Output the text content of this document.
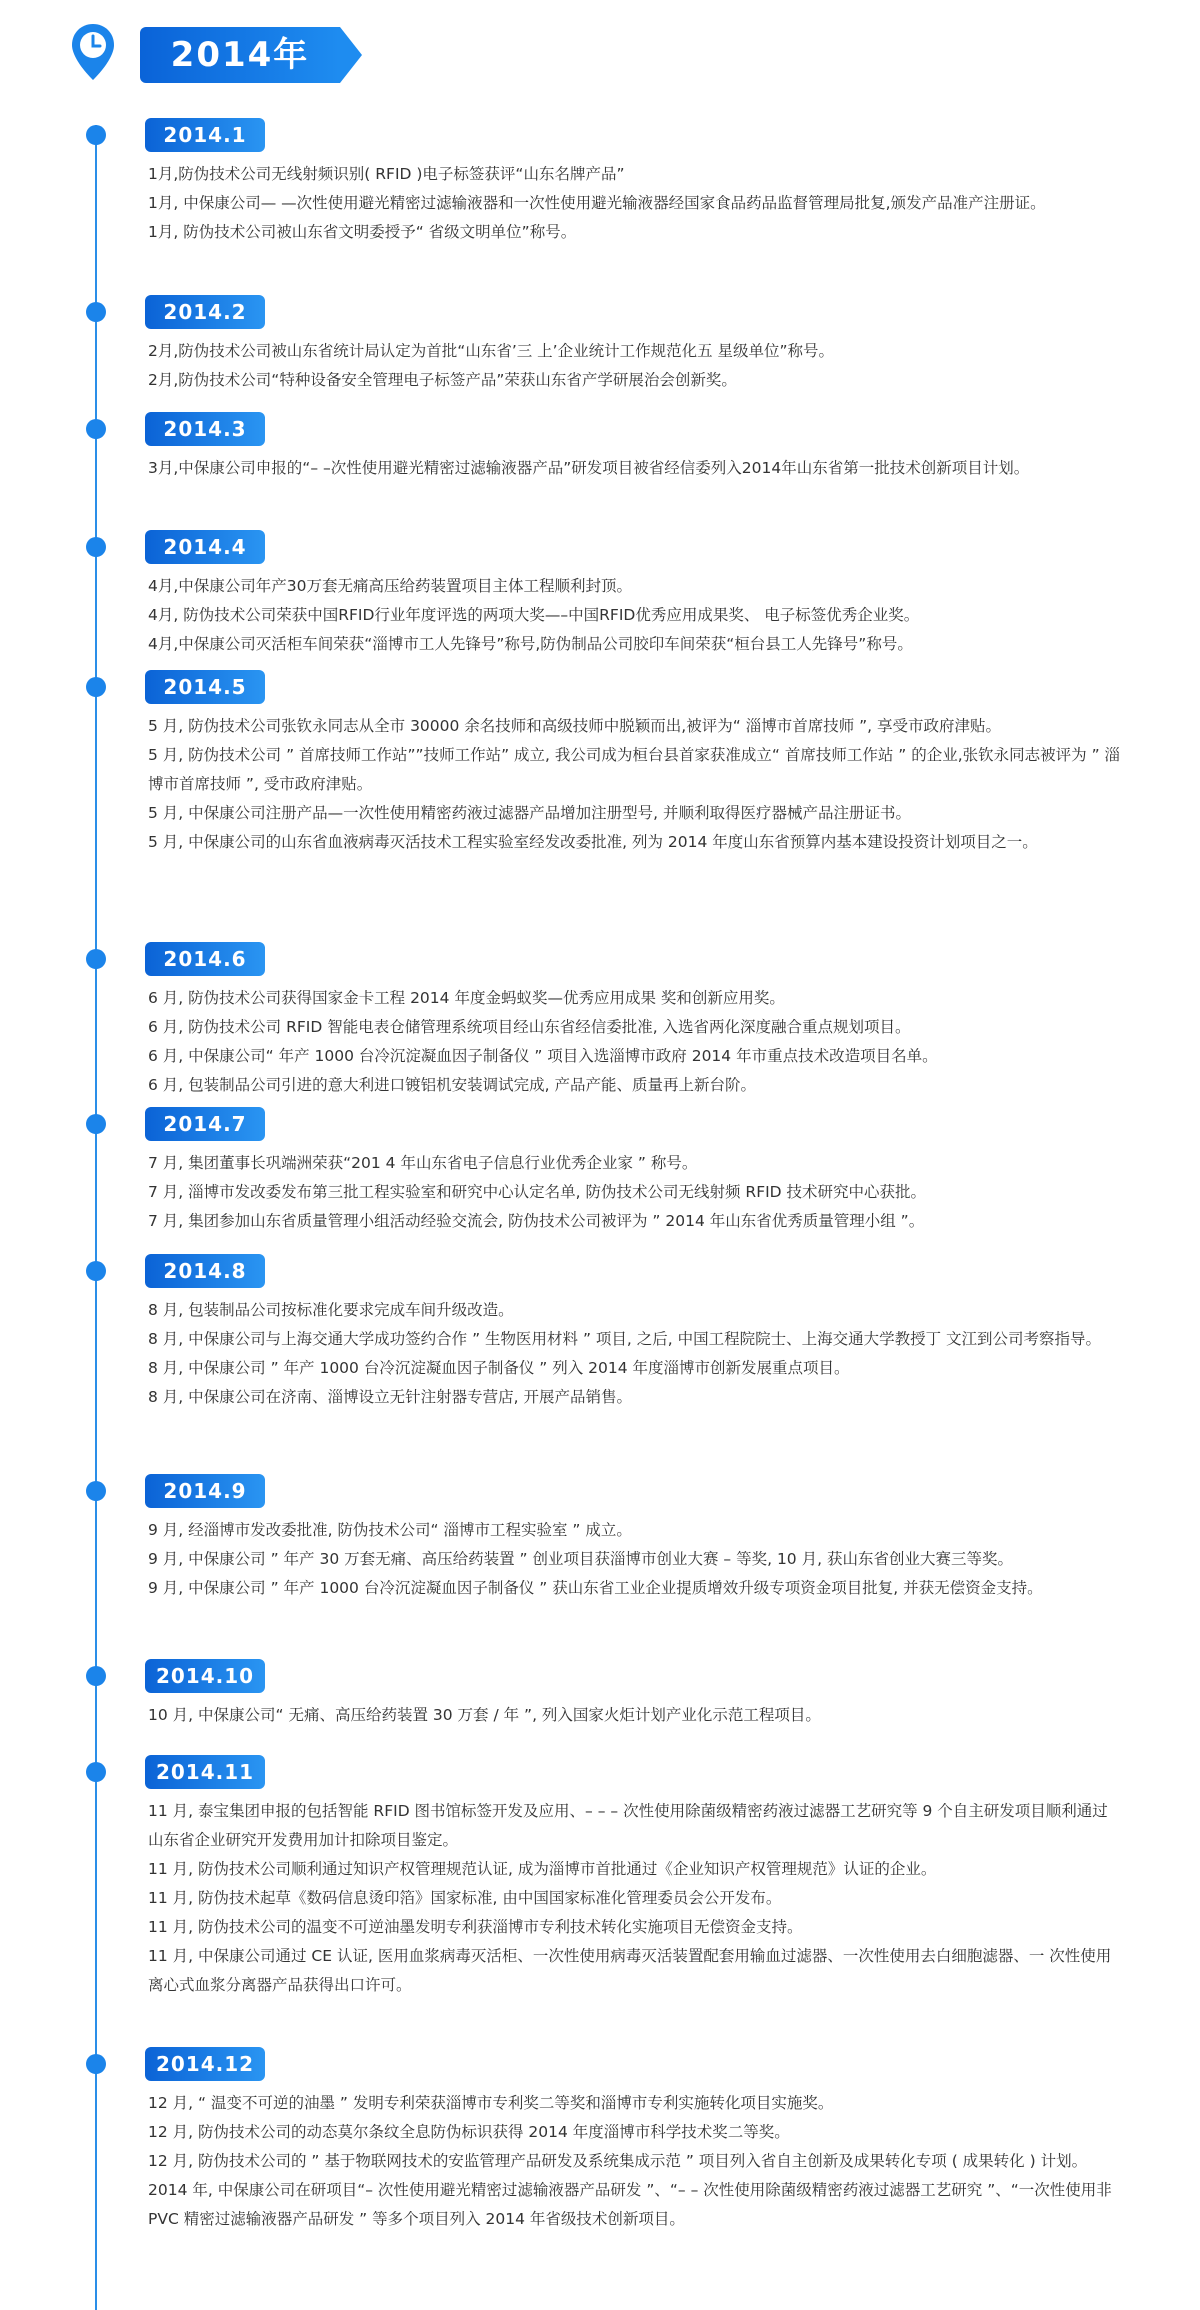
2014年
2014.1

1月,防伪技术公司无线射频识别( RFID )电子标签获评“山东名牌产品”

1月, 中保康公司— —次性使用避光精密过滤输液器和一次性使用避光输液器经国家食品药品监督管理局批复,颁发产品准产注册证。

1月, 防伪技术公司被山东省文明委授予“ 省级文明单位”称号。

2014.2

2月,防伪技术公司被山东省统计局认定为首批“山东省’三 上’企业统计工作规范化五 星级单位”称号。

2月,防伪技术公司“特种设备安全管理电子标签产品”荣获山东省产学研展治会创新奖。

2014.3

3月,中保康公司申报的“– –次性使用避光精密过滤输液器产品”研发项目被省经信委列入2014年山东省第一批技术创新项目计划。

2014.4

4月,中保康公司年产30万套无痛高压给药装置项目主体工程顺利封顶。

4月, 防伪技术公司荣获中国RFID行业年度评选的两项大奖—–中国RFID优秀应用成果奖、 电子标签优秀企业奖。

4月,中保康公司灭活柜车间荣获“淄博市工人先锋号”称号,防伪制品公司胶印车间荣获“桓台县工人先锋号”称号。

2014.5

5 月, 防伪技术公司张钦永同志从全市 30000 余名技师和高级技师中脱颖而出,被评为“ 淄博市首席技师 ”, 享受市政府津贴。

5 月, 防伪技术公司 ” 首席技师工作站””技师工作站” 成立, 我公司成为桓台县首家获准成立“ 首席技师工作站 ” 的企业,张钦永同志被评为 ” 淄博市首席技师 ”, 受市政府津贴。

5 月, 中保康公司注册产品—一次性使用精密药液过滤器产品增加注册型号, 并顺利取得医疗器械产品注册证书。

5 月, 中保康公司的山东省血液病毒灭活技术工程实验室经发改委批准, 列为 2014 年度山东省预算内基本建设投资计划项目之一。

2014.6

6 月, 防伪技术公司获得国家金卡工程 2014 年度金蚂蚁奖—优秀应用成果 奖和创新应用奖。

6 月, 防伪技术公司 RFID 智能电表仓储管理系统项目经山东省经信委批准, 入选省两化深度融合重点规划项目。

6 月, 中保康公司“ 年产 1000 台冷沉淀凝血因子制备仪 ” 项目入选淄博市政府 2014 年市重点技术改造项目名单。

6 月, 包装制品公司引进的意大利进口镀铝机安装调试完成, 产品产能、质量再上新台阶。

2014.7

7 月, 集团董事长巩端洲荣获“201 4 年山东省电子信息行业优秀企业家 ” 称号。

7 月, 淄博市发改委发布第三批工程实验室和研究中心认定名单, 防伪技术公司无线射频 RFID 技术研究中心获批。

7 月, 集团参加山东省质量管理小组活动经验交流会, 防伪技术公司被评为 ” 2014 年山东省优秀质量管理小组 ”。

2014.8

8 月, 包装制品公司按标准化要求完成车间升级改造。

8 月, 中保康公司与上海交通大学成功签约合作 ” 生物医用材料 ” 项目, 之后, 中国工程院院士、上海交通大学教授丁 文江到公司考察指导。

8 月, 中保康公司 ” 年产 1000 台冷沉淀凝血因子制备仪 ” 列入 2014 年度淄博市创新发展重点项目。

8 月, 中保康公司在济南、淄博设立无针注射器专营店, 开展产品销售。

2014.9

9 月, 经淄博市发改委批准, 防伪技术公司“ 淄博市工程实验室 ” 成立。

9 月, 中保康公司 ” 年产 30 万套无痛、高压给药装置 ” 创业项目获淄博市创业大赛 – 等奖, 10 月, 获山东省创业大赛三等奖。

9 月, 中保康公司 ” 年产 1000 台冷沉淀凝血因子制备仪 ” 获山东省工业企业提质增效升级专项资金项目批复, 并获无偿资金支持。

2014.10

10 月, 中保康公司“ 无痛、高压给药装置 30 万套 / 年 ”, 列入国家火炬计划产业化示范工程项目。

2014.11

11 月, 泰宝集团申报的包括智能 RFID 图书馆标签开发及应用、– – – 次性使用除菌级精密药液过滤器工艺研究等 9 个自主研发项目顺利通过山东省企业研究开发费用加计扣除项目鉴定。

11 月, 防伪技术公司顺利通过知识产权管理规范认证, 成为淄博市首批通过《企业知识产权管理规范》认证的企业。

11 月, 防伪技术起草《数码信息烫印箔》国家标准, 由中国国家标准化管理委员会公开发布。

11 月, 防伪技术公司的温变不可逆油墨发明专利获淄博市专利技术转化实施项目无偿资金支持。

11 月, 中保康公司通过 CE 认证, 医用血浆病毒灭活柜、一次性使用病毒灭活装置配套用输血过滤器、一次性使用去白细胞滤器、一 次性使用离心式血浆分离器产品获得出口许可。

2014.12

12 月, “ 温变不可逆的油墨 ” 发明专利荣获淄博市专利奖二等奖和淄博市专利实施转化项目实施奖。

12 月, 防伪技术公司的动态莫尔条纹全息防伪标识获得 2014 年度淄博市科学技术奖二等奖。

12 月, 防伪技术公司的 ” 基于物联网技术的安监管理产品研发及系统集成示范 ” 项目列入省自主创新及成果转化专项 ( 成果转化 ) 计划。

2014 年, 中保康公司在研项目“– 次性使用避光精密过滤输液器产品研发 ”、“– – 次性使用除菌级精密药液过滤器工艺研究 ”、“一次性使用非 PVC 精密过滤输液器产品研发 ” 等多个项目列入 2014 年省级技术创新项目。
